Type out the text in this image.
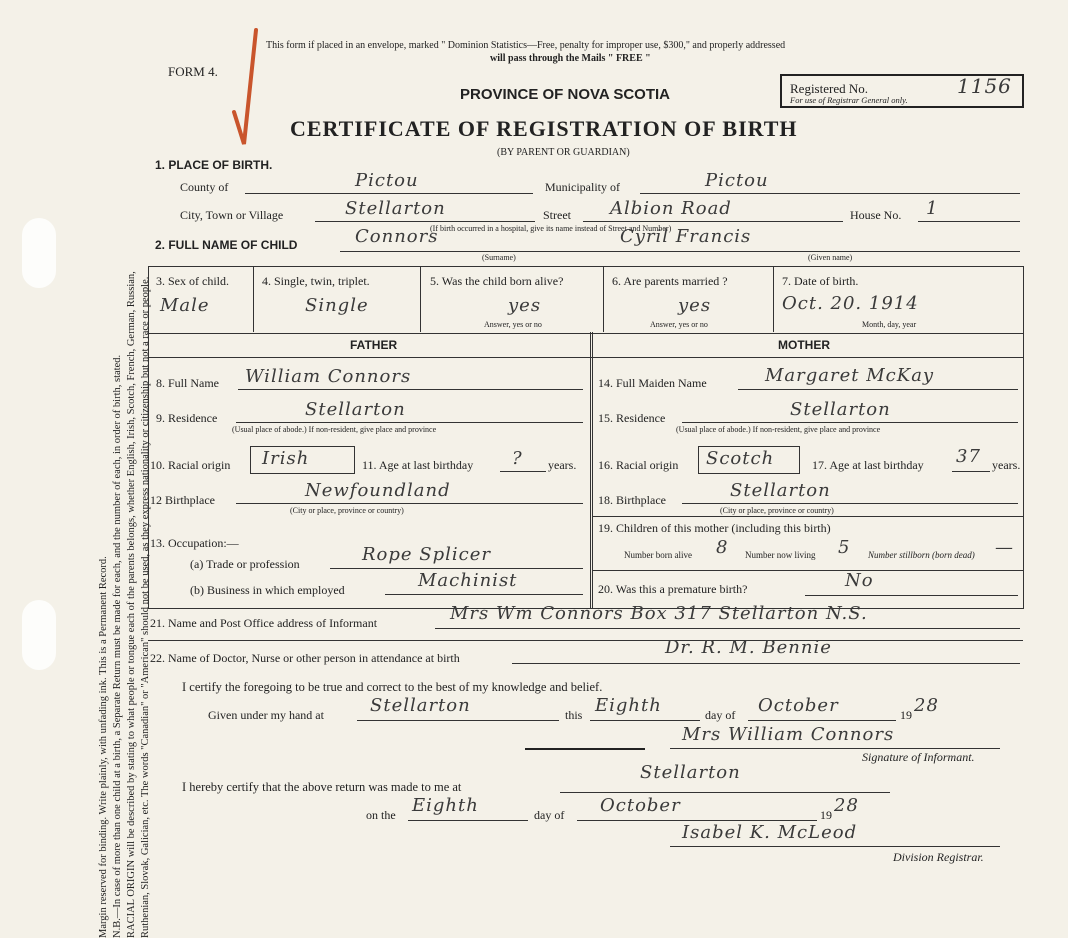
Margin reserved for binding. Write plainly, with unfading ink. This is a Permanent Record. N.B.—In case of more than one child at a birth, a Separate Return must be made for each, and the number of each, in order of birth, stated. RACIAL ORIGIN will be described by stating to what people or tongue each of the parents belongs, whether English, Irish, Scotch, French, German, Russian, Ruthenian, Slovak, Galician, etc. The words "Canadian" or "American" should not be used, as they express nationality or citizenship but not a race or people.
This form if placed in an envelope, marked " Dominion Statistics—Free, penalty for improper use, $300," and properly addressed
will pass through the Mails " FREE "
FORM 4.
PROVINCE OF NOVA SCOTIA
CERTIFICATE OF REGISTRATION OF BIRTH
(BY PARENT OR GUARDIAN)
Registered No.	1156
For use of Registrar General only.
1. PLACE OF BIRTH.
County of	Pictou	Municipality of	Pictou
City, Town or Village	Stellarton	Street Albion Road	House No. 1
(If birth occurred in a hospital, give its name instead of Street and Number)
2. FULL NAME OF CHILD	Connors	Cyril Francis
(Surname)	(Given name)
3. Sex of child.
Male
4. Single, twin, triplet.
Single
5. Was the child born alive?
yes
Answer, yes or no
6. Are parents married ?
yes
Answer, yes or no
7. Date of birth.
Oct. 20. 1914
Month, day, year
FATHER	MOTHER
8. Full Name William Connors
9. Residence	Stellarton
(Usual place of abode.) If non-resident, give place and province
10. Racial origin Irish	11. Age at last birthday ? years.
12 Birthplace	Newfoundland
(City or place, province or country)
13. Occupation:—
(a) Trade or profession	Rope Splicer
(b) Business in which employed	Machinist
14. Full Maiden Name	Margaret McKay
15. Residence	Stellarton
(Usual place of abode.) If non-resident, give place and province
16. Racial origin Scotch	17. Age at last birthday 37 years.
18. Birthplace	Stellarton
(City or place, province or country)
19. Children of this mother (including this birth)
Number born alive 8 Number now living 5 Number stillborn (born dead) —
20. Was this a premature birth?	No
21. Name and Post Office address of Informant	Mrs Wm Connors Box 317 Stellarton N.S.
22. Name of Doctor, Nurse or other person in attendance at birth	Dr. R. M. Bennie
I certify the foregoing to be true and correct to the best of my knowledge and belief.
Given under my hand at	Stellarton	this Eighth	day of October	19 28
Mrs William Connors
Signature of Informant.
I hereby certify that the above return was made to me at
Stellarton
on the Eighth	day of October	19 28
Isabel K. McLeod
Division Registrar.
